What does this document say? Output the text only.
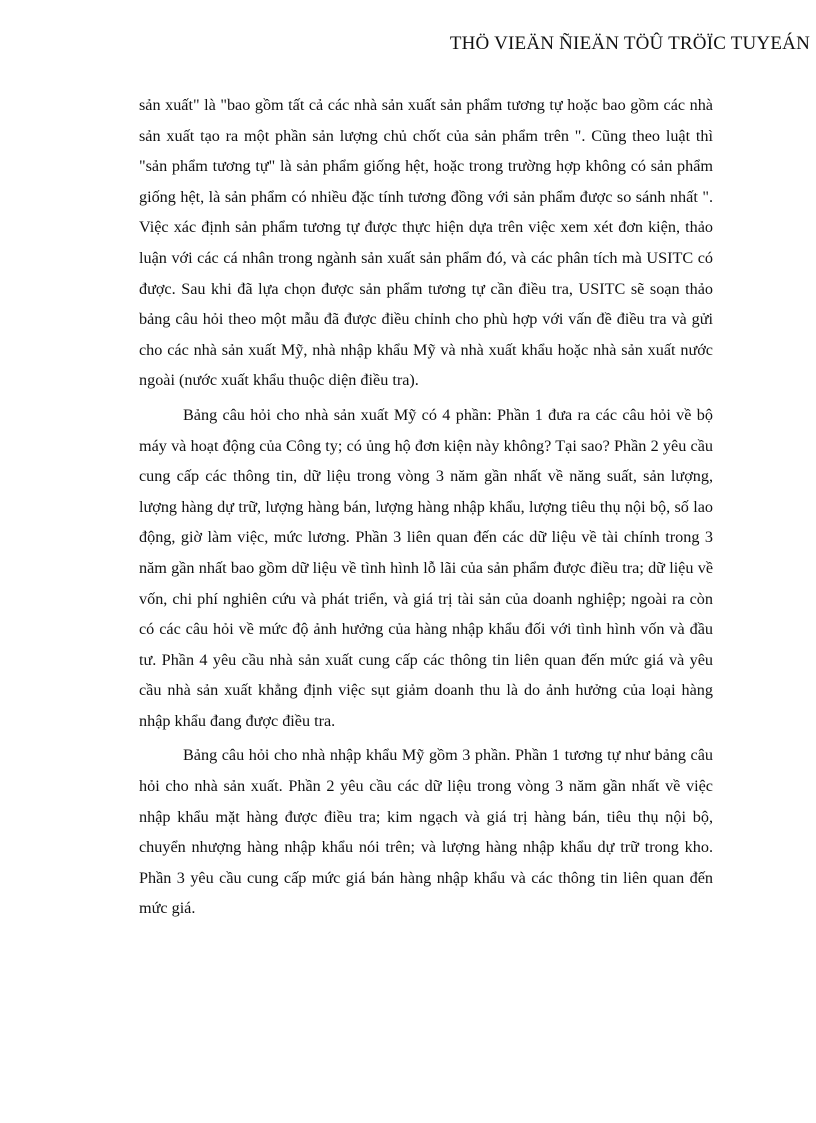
THÖ VIEÄN ÑIEÄN TÖÛ TRÖÏC TUYEÁN

sản xuất" là "bao gồm tất cả các nhà sản xuất sản phẩm tương tự hoặc bao gồm các nhà sản xuất tạo ra một phần sản lượng chủ chốt của sản phẩm trên ". Cũng theo luật thì "sản phẩm tương tự" là sản phẩm giống hệt, hoặc trong trường hợp không có sản phẩm giống hệt, là sản phẩm có nhiều đặc tính tương đồng với sản phẩm được so sánh nhất ". Việc xác định sản phẩm tương tự được thực hiện dựa trên việc xem xét đơn kiện, thảo luận với các cá nhân trong ngành sản xuất sản phẩm đó, và các phân tích mà USITC có được. Sau khi đã lựa chọn được sản phẩm tương tự cần điều tra, USITC sẽ soạn thảo bảng câu hỏi theo một mẫu đã được điều chỉnh cho phù hợp với vấn đề điều tra và gửi cho các nhà sản xuất Mỹ, nhà nhập khẩu Mỹ và nhà xuất khẩu hoặc nhà sản xuất nước ngoài (nước xuất khẩu thuộc diện điều tra).

Bảng câu hỏi cho nhà sản xuất Mỹ có 4 phần: Phần 1 đưa ra các câu hỏi về bộ máy và hoạt động của Công ty; có ủng hộ đơn kiện này không? Tại sao? Phần 2 yêu cầu cung cấp các thông tin, dữ liệu trong vòng 3 năm gần nhất về năng suất, sản lượng, lượng hàng dự trữ, lượng hàng bán, lượng hàng nhập khẩu, lượng tiêu thụ nội bộ, số lao động, giờ làm việc, mức lương. Phần 3 liên quan đến các dữ liệu về tài chính trong 3 năm gần nhất bao gồm dữ liệu về tình hình lỗ lãi của sản phẩm được điều tra; dữ liệu về vốn, chi phí nghiên cứu và phát triển, và giá trị tài sản của doanh nghiệp; ngoài ra còn có các câu hỏi về mức độ ảnh hưởng của hàng nhập khẩu đối với tình hình vốn và đầu tư. Phần 4 yêu cầu nhà sản xuất cung cấp các thông tin liên quan đến mức giá và yêu cầu nhà sản xuất khẳng định việc sụt giảm doanh thu là do ảnh hưởng của loại hàng nhập khẩu đang được điều tra.

Bảng câu hỏi cho nhà nhập khẩu Mỹ gồm 3 phần. Phần 1 tương tự như bảng câu hỏi cho nhà sản xuất. Phần 2 yêu cầu các dữ liệu trong vòng 3 năm gần nhất về việc nhập khẩu mặt hàng được điều tra; kim ngạch và giá trị hàng bán, tiêu thụ nội bộ, chuyển nhượng hàng nhập khẩu nói trên; và lượng hàng nhập khẩu dự trữ trong kho. Phần 3 yêu cầu cung cấp mức giá bán hàng nhập khẩu và các thông tin liên quan đến mức giá.
